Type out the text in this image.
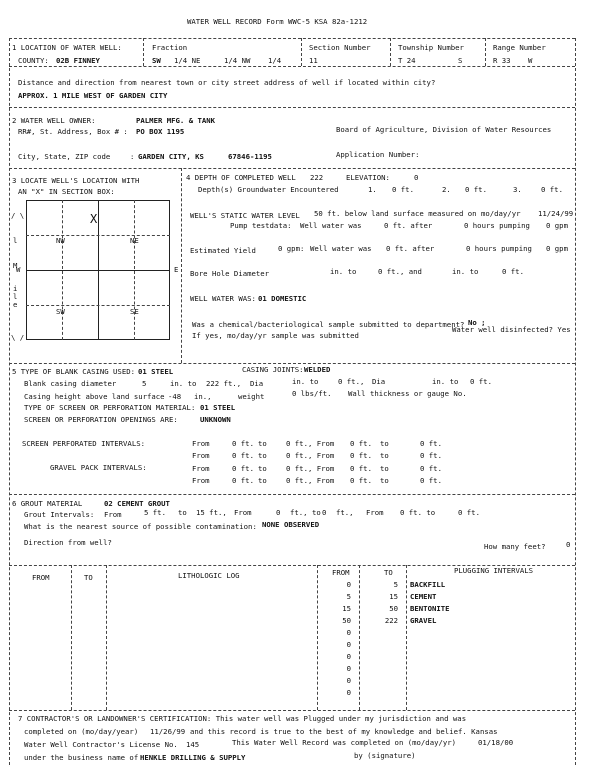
WATER WELL RECORD Form WWC-5 KSA 82a-1212
1 LOCATION OF WATER WELL:
COUNTY: 02B FINNEY
Fraction
SW 1/4 NE	1/4 NW 1/4
Section Number
11
Township Number
T 24	S
Range Number
R 33 W
Distance and direction from nearest town or city street address of well if located within city?
APPROX. 1 MILE WEST OF GARDEN CITY
2 WATER WELL OWNER:	PALMER MFG. & TANK
RR#, St. Address, Box # : PO BOX 1195	Board of Agriculture, Division of Water Resources
City, State, ZIP code	: GARDEN CITY, KS	67846-1195	Application Number:
3 LOCATE WELL'S LOCATION WITH
AN "X" IN SECTION BOX:
NW	NE
SW	SE
X
W	E
/ \
l
M
i
l
e
\ /
4 DEPTH OF COMPLETED WELL 222	ELEVATION:	0
Depth(s) Groundwater Encountered	1. 0 ft.	2. 0 ft.	3.	0 ft.
WELL'S STATIC WATER LEVEL 50 ft. below land surface measured on mo/day/yr 11/24/99
Pump testdata: Well water was	0 ft. after	0 hours pumping 0 gpm
Estimated Yield	0 gpm: Well water was 0 ft. after	0 hours pumping 0 gpm
Bore Hole Diameter	in. to	0 ft., and	in. to	0 ft.
WELL WATER WAS: 01 DOMESTIC
Was a chemical/bacteriological sample submitted to department? No ;
Water well disinfected? Yes
If yes, mo/day/yr sample was submitted
5 TYPE OF BLANK CASING USED: 01 STEEL	CASING JOINTS: WELDED
Blank casing diameter	5	in. to 222 ft., Dia	in. to	0 ft., Dia	in. to 0 ft.
Casing height above land surface -48 in.,	weight	0 lbs/ft. Wall thickness or gauge No.
TYPE OF SCREEN OR PERFORATION MATERIAL: 01 STEEL
SCREEN OR PERFORATION OPENINGS ARE:	UNKNOWN
SCREEN PERFORATED INTERVALS:
GRAVEL PACK INTERVALS:
From	0 ft. to	0 ft., From 0 ft. to	0 ft.
From	0 ft. to	0 ft., From 0 ft. to	0 ft.
From	0 ft. to	0 ft., From 0 ft. to	0 ft.
From	0 ft. to	0 ft., From 0 ft. to	0 ft.
6 GROUT MATERIAL	02 CEMENT GROUT
Grout Intervals: From	5 ft. to 15 ft., From	0 ft., to 0 ft., From 0 ft. to	0 ft.
What is the nearest source of possible contamination: NONE OBSERVED
Direction from well?	How many feet?	0
FROM	TO	LITHOLOGIC LOG	FROM	TO	PLUGGING INTERVALS
0	5 BACKFILL
5	15 CEMENT
15	50 BENTONITE
50	222 GRAVEL
0
0
0
0
0
0
7 CONTRACTOR'S OR LANDOWNER'S CERTIFICATION: This water well was Plugged under my jurisdiction and was
completed on (mo/day/year) 11/26/99 and this record is true to the best of my knowledge and belief. Kansas
Water Well Contractor's License No. 145	This Water Well Record was completed on (mo/day/yr)	01/18/00
under the business name of HENKLE DRILLING & SUPPLY	by (signature)
